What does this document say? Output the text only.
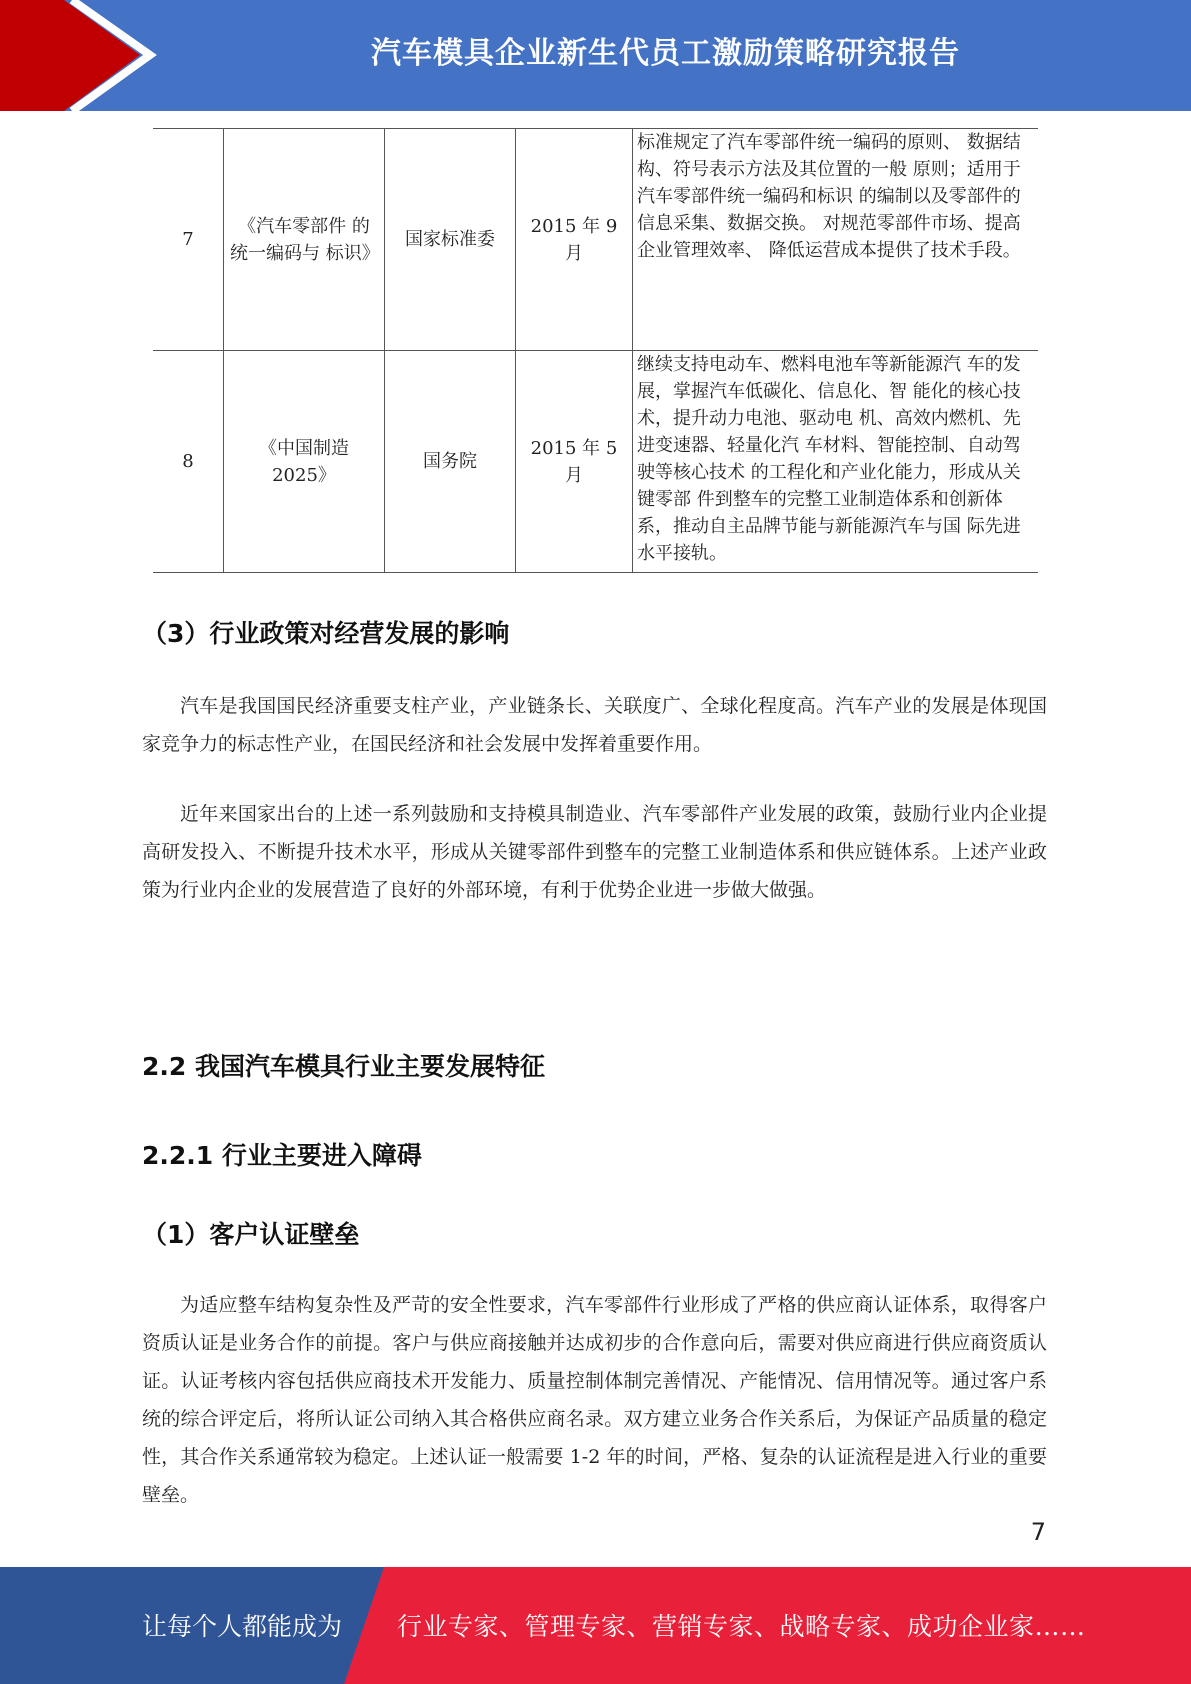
汽车模具企业新生代员工激励策略研究报告
7	《汽车零部件 的统一编码与 标识》	国家标准委	2015 年 9 月	标准规定了汽车零部件统一编码的原则、 数据结构、符号表示方法及其位置的一般 原则；适用于汽车零部件统一编码和标识 的编制以及零部件的信息采集、数据交换。 对规范零部件市场、提高企业管理效率、 降低运营成本提供了技术手段。
8	《中国制造 2025》	国务院	2015 年 5 月	继续支持电动车、燃料电池车等新能源汽 车的发展，掌握汽车低碳化、信息化、智 能化的核心技术，提升动力电池、驱动电 机、高效内燃机、先进变速器、轻量化汽 车材料、智能控制、自动驾驶等核心技术 的工程化和产业化能力，形成从关键零部 件到整车的完整工业制造体系和创新体 系，推动自主品牌节能与新能源汽车与国 际先进水平接轨。
（3）行业政策对经营发展的影响
汽车是我国国民经济重要支柱产业，产业链条长、关联度广、全球化程度高。汽车产业的发展是体现国家竞争力的标志性产业，在国民经济和社会发展中发挥着重要作用。
近年来国家出台的上述一系列鼓励和支持模具制造业、汽车零部件产业发展的政策，鼓励行业内企业提高研发投入、不断提升技术水平，形成从关键零部件到整车的完整工业制造体系和供应链体系。上述产业政策为行业内企业的发展营造了良好的外部环境，有利于优势企业进一步做大做强。
2.2 我国汽车模具行业主要发展特征
2.2.1 行业主要进入障碍
（1）客户认证壁垒
为适应整车结构复杂性及严苛的安全性要求，汽车零部件行业形成了严格的供应商认证体系，取得客户资质认证是业务合作的前提。客户与供应商接触并达成初步的合作意向后，需要对供应商进行供应商资质认证。认证考核内容包括供应商技术开发能力、质量控制体制完善情况、产能情况、信用情况等。通过客户系统的综合评定后，将所认证公司纳入其合格供应商名录。双方建立业务合作关系后，为保证产品质量的稳定性，其合作关系通常较为稳定。上述认证一般需要 1-2 年的时间，严格、复杂的认证流程是进入行业的重要壁垒。
7
让每个人都能成为 行业专家、管理专家、营销专家、战略专家、成功企业家……
